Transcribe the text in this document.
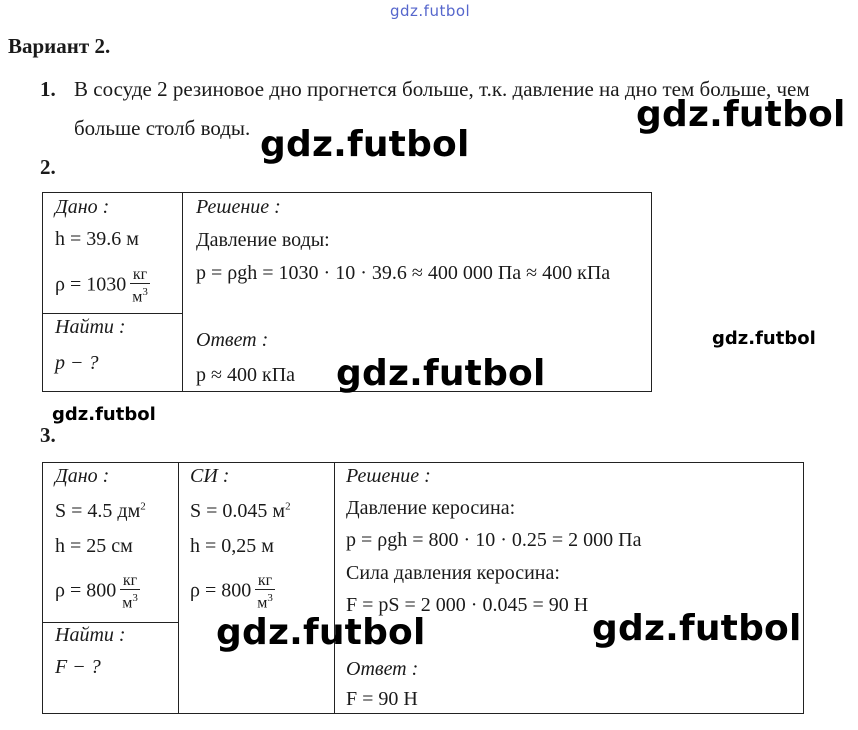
gdz.futbol
Вариант 2.
1. В сосуде 2 резиновое дно прогнется больше, т.к. давление на дно тем больше, чем
больше столб воды.	gdz.futbol
gdz.futbol
2.
Дано :
h = 39.6 м
$\rho = 1030 \frac{кг}{м^3}$
Найти :
p − ?
Решение :
Давление воды:
p = ρgh = 1030 · 10 · 39.6 ≈ 400 000 Па ≈ 400 кПа
Ответ :
p ≈ 400 кПа
gdz.futbol
gdz.futbol
gdz.futbol
3.
Дано :
S = 4.5 $дм^2$
h = 25 см
$\rho = 800 \frac{кг}{м^3}$
Найти :
F − ?
СИ :
S = 0.045 $м^2$
h = 0,25 м
$\rho = 800 \frac{кг}{м^3}$
Решение :
Давление керосина:
p = ρgh = 800 · 10 · 0.25 = 2 000 Па
Сила давления керосина:
F = pS = 2 000 · 0.045 = 90 Н
Ответ :
F = 90 Н
gdz.futbol	gdz.futbol
